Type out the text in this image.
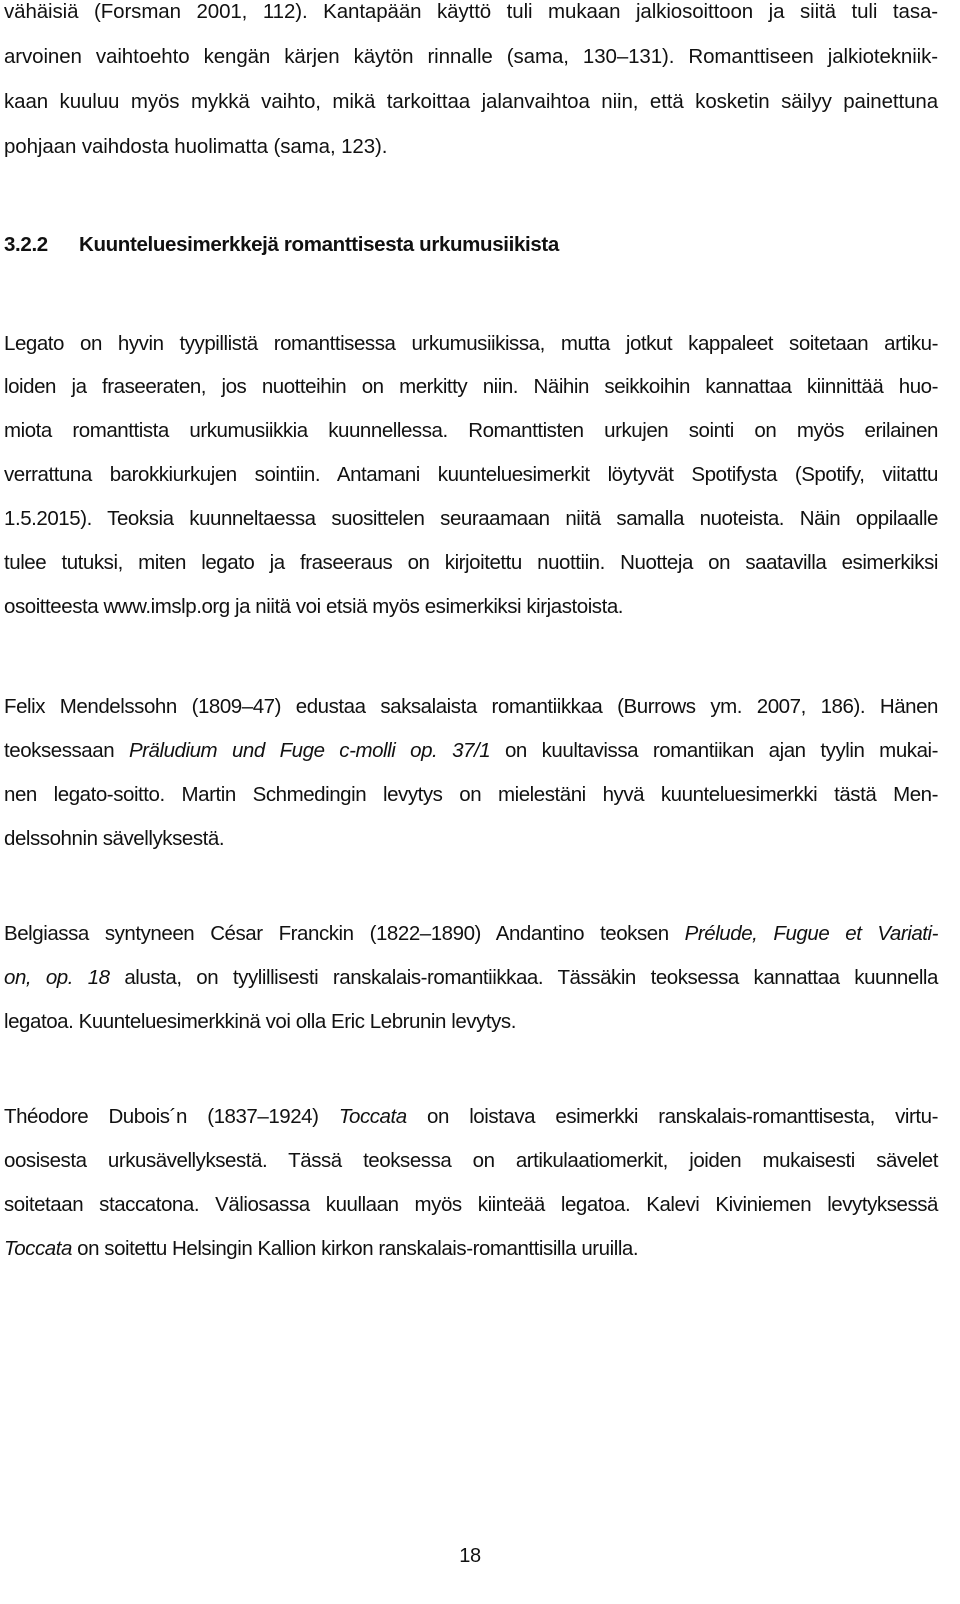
vähäisiä (Forsman 2001, 112). Kantapään käyttö tuli mukaan jalkiosoittoon ja siitä tuli tasa-
arvoinen vaihtoehto kengän kärjen käytön rinnalle (sama, 130–131). Romanttiseen jalkiotekniik-
kaan kuuluu myös mykkä vaihto, mikä tarkoittaa jalanvaihtoa niin, että kosketin säilyy painettuna
pohjaan vaihdosta huolimatta (sama, 123).
3.2.2 Kuunteluesimerkkejä romanttisesta urkumusiikista
Legato on hyvin tyypillistä romanttisessa urkumusiikissa, mutta jotkut kappaleet soitetaan artiku-
loiden ja fraseeraten, jos nuotteihin on merkitty niin. Näihin seikkoihin kannattaa kiinnittää huo-
miota romanttista urkumusiikkia kuunnellessa. Romanttisten urkujen sointi on myös erilainen
verrattuna barokkiurkujen sointiin. Antamani kuunteluesimerkit löytyvät Spotifysta (Spotify, viitattu
1.5.2015). Teoksia kuunneltaessa suosittelen seuraamaan niitä samalla nuoteista. Näin oppilaalle
tulee tutuksi, miten legato ja fraseeraus on kirjoitettu nuottiin. Nuotteja on saatavilla esimerkiksi
osoitteesta www.imslp.org ja niitä voi etsiä myös esimerkiksi kirjastoista.
Felix Mendelssohn (1809–47) edustaa saksalaista romantiikkaa (Burrows ym. 2007, 186). Hänen
teoksessaan Präludium und Fuge c-molli op. 37/1 on kuultavissa romantiikan ajan tyylin mukai-
nen legato-soitto. Martin Schmedingin levytys on mielestäni hyvä kuunteluesimerkki tästä Men-
delssohnin sävellyksestä.
Belgiassa syntyneen César Franckin (1822–1890) Andantino teoksen Prélude, Fugue et Variati-
on, op. 18 alusta, on tyylillisesti ranskalais-romantiikkaa. Tässäkin teoksessa kannattaa kuunnella
legatoa. Kuunteluesimerkkinä voi olla Eric Lebrunin levytys.
Théodore Dubois´n (1837–1924) Toccata on loistava esimerkki ranskalais-romanttisesta, virtu-
oosisesta urkusävellyksestä. Tässä teoksessa on artikulaatiomerkit, joiden mukaisesti sävelet
soitetaan staccatona. Väliosassa kuullaan myös kiinteää legatoa. Kalevi Kiviniemen levytyksessä
Toccata on soitettu Helsingin Kallion kirkon ranskalais-romanttisilla uruilla.
18
